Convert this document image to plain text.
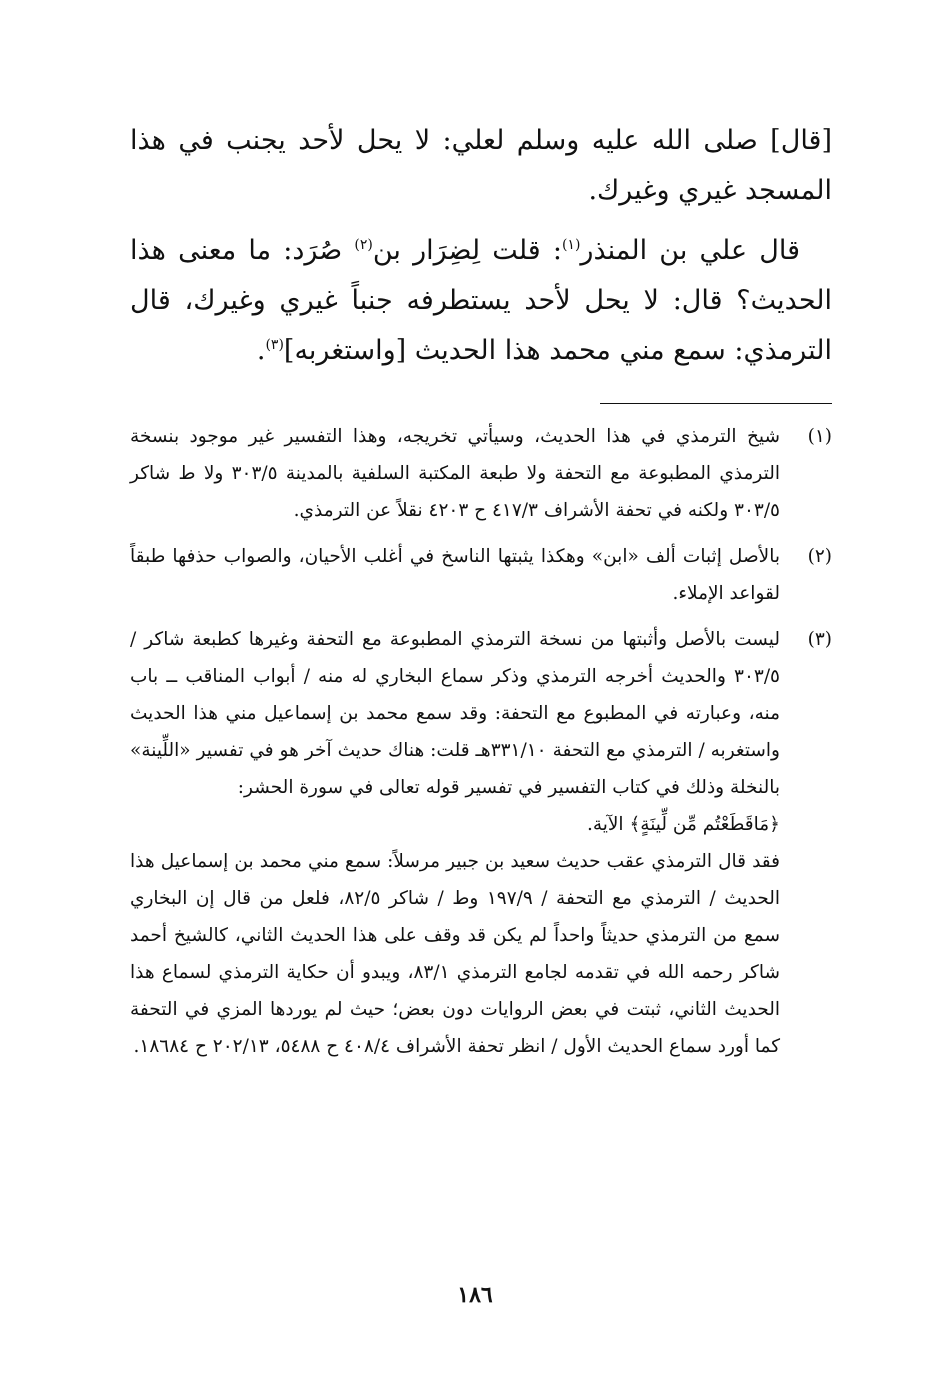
[قال] صلى الله عليه وسلم لعلي: لا يحل لأحد يجنب في هذا المسجد غيري وغيرك.

قال علي بن المنذر$^{(١)}$: قلت لِضِرَار بن$^{(٢)}$ صُرَد: ما معنى هذا الحديث؟ قال: لا يحل لأحد يستطرفه جنباً غيري وغيرك، قال الترمذي: سمع مني محمد هذا الحديث [واستغربه]$^{(٣)}$.

(١)

شيخ الترمذي في هذا الحديث، وسيأتي تخريجه، وهذا التفسير غير موجود بنسخة الترمذي المطبوعة مع التحفة ولا طبعة المكتبة السلفية بالمدينة ٣٠٣/٥ ولا ط شاكر ٣٠٣/٥ ولكنه في تحفة الأشراف ٤١٧/٣ ح ٤٢٠٣ نقلاً عن الترمذي.

(٢)

بالأصل إثبات ألف «ابن» وهكذا يثبتها الناسخ في أغلب الأحيان، والصواب حذفها طبقاً لقواعد الإملاء.

(٣)

ليست بالأصل وأثبتها من نسخة الترمذي المطبوعة مع التحفة وغيرها كطبعة شاكر / ٣٠٣/٥ والحديث أخرجه الترمذي وذكر سماع البخاري له منه / أبواب المناقب ــ باب منه، وعبارته في المطبوع مع التحفة: وقد سمع محمد بن إسماعيل مني هذا الحديث واستغربه / الترمذي مع التحفة ٣٣١/١٠هـ قلت: هناك حديث آخر هو في تفسير «اللِّينة» بالنخلة وذلك في كتاب التفسير في تفسير قوله تعالى في سورة الحشر:

﴿مَاقَطَعْتُم مِّن لِّينَةٍ﴾ الآية.

فقد قال الترمذي عقب حديث سعيد بن جبير مرسلاً: سمع مني محمد بن إسماعيل هذا الحديث / الترمذي مع التحفة / ١٩٧/٩ وط / شاكر ٨٢/٥، فلعل من قال إن البخاري سمع من الترمذي حديثاً واحداً لم يكن قد وقف على هذا الحديث الثاني، كالشيخ أحمد شاكر رحمه الله في تقدمه لجامع الترمذي ٨٣/١، ويبدو أن حكاية الترمذي لسماع هذا الحديث الثاني، ثبتت في بعض الروايات دون بعض؛ حيث لم يوردها المزي في التحفة كما أورد سماع الحديث الأول / انظر تحفة الأشراف ٤٠٨/٤ ح ٥٤٨٨، ٢٠٢/١٣ ح ١٨٦٨٤.

١٨٦
